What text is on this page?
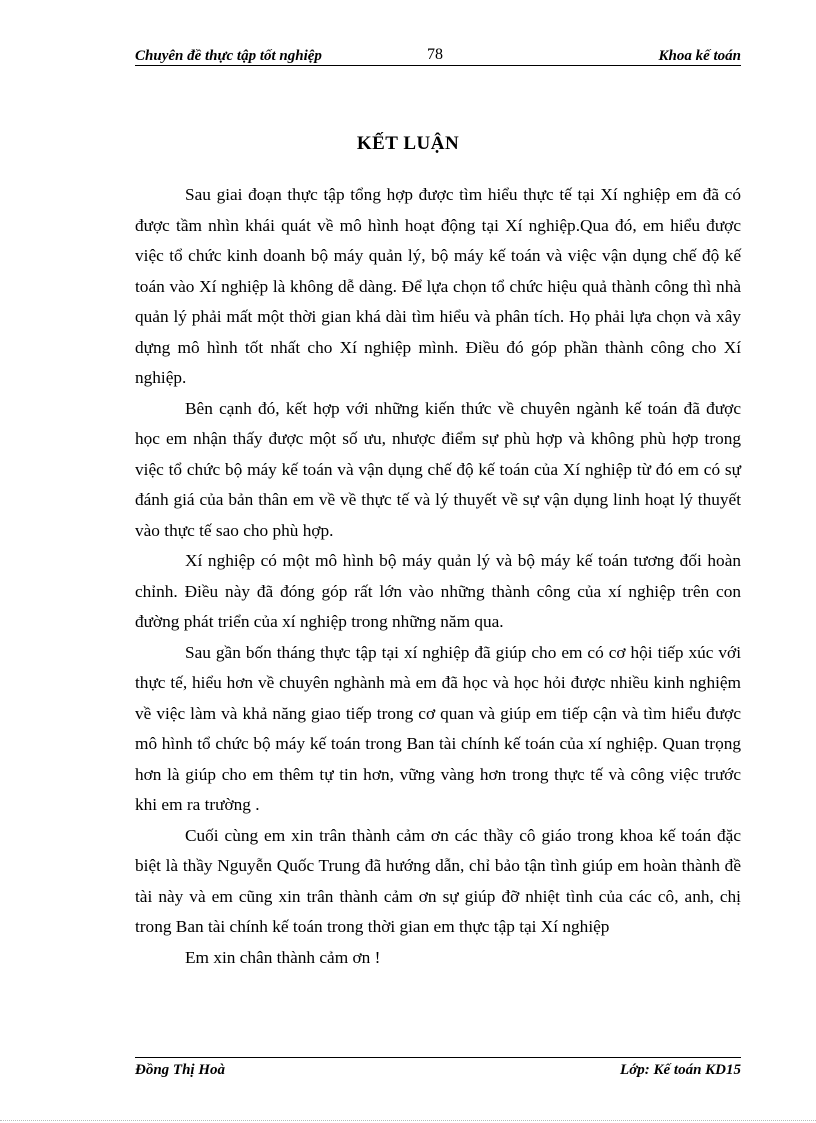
Chuyên đề thực tập tốt nghiệp	78	Khoa kế toán
KẾT LUẬN

Sau giai đoạn thực tập tổng hợp được tìm hiểu thực tế tại Xí nghiệp em đã có được tầm nhìn khái quát về mô hình hoạt động tại Xí nghiệp.Qua đó, em hiểu được việc tổ chức kinh doanh bộ máy quản lý, bộ máy kế toán và việc vận dụng chế độ kế toán vào Xí nghiệp là không dễ dàng. Để lựa chọn tổ chức hiệu quả thành công thì nhà quản lý phải mất một thời gian khá dài tìm hiểu và phân tích. Họ phải lựa chọn và xây dựng mô hình tốt nhất cho Xí nghiệp mình. Điều đó góp phần thành công cho Xí nghiệp.

Bên cạnh đó, kết hợp với những kiến thức về chuyên ngành kế toán đã được học em nhận thấy được một số ưu, nhược điểm sự phù hợp và không phù hợp trong việc tổ chức bộ máy kế toán và vận dụng chế độ kế toán của Xí nghiệp từ đó em có sự đánh giá của bản thân em về về thực tế và lý thuyết về sự vận dụng linh hoạt lý thuyết vào thực tế sao cho phù hợp.

Xí nghiệp có một mô hình bộ máy quản lý và bộ máy kế toán tương đối hoàn chỉnh. Điều này đã đóng góp rất lớn vào những thành công của xí nghiệp trên con đường phát triển của xí nghiệp trong những năm qua.

Sau gần bốn tháng thực tập tại xí nghiệp đã giúp cho em có cơ hội tiếp xúc với thực tế, hiểu hơn về chuyên nghành mà em đã học và học hỏi được nhiều kinh nghiệm về việc làm và khả năng giao tiếp trong cơ quan và giúp em tiếp cận và tìm hiểu được mô hình tổ chức bộ máy kế toán trong Ban tài chính kế toán của xí nghiệp. Quan trọng hơn là giúp cho em thêm tự tin hơn, vững vàng hơn trong thực tế và công việc trước khi em ra trường .

Cuối cùng em xin trân thành cảm ơn các thầy cô giáo trong khoa kế toán đặc biệt là thầy Nguyễn Quốc Trung đã hướng dẫn, chỉ bảo tận tình giúp em hoàn thành đề tài này và em cũng xin trân thành cảm ơn sự giúp đỡ nhiệt tình của các cô, anh, chị trong Ban tài chính kế toán trong thời gian em thực tập tại Xí nghiệp

Em xin chân thành cảm ơn !

Đồng Thị Hoà	Lớp: Kế toán KD15
